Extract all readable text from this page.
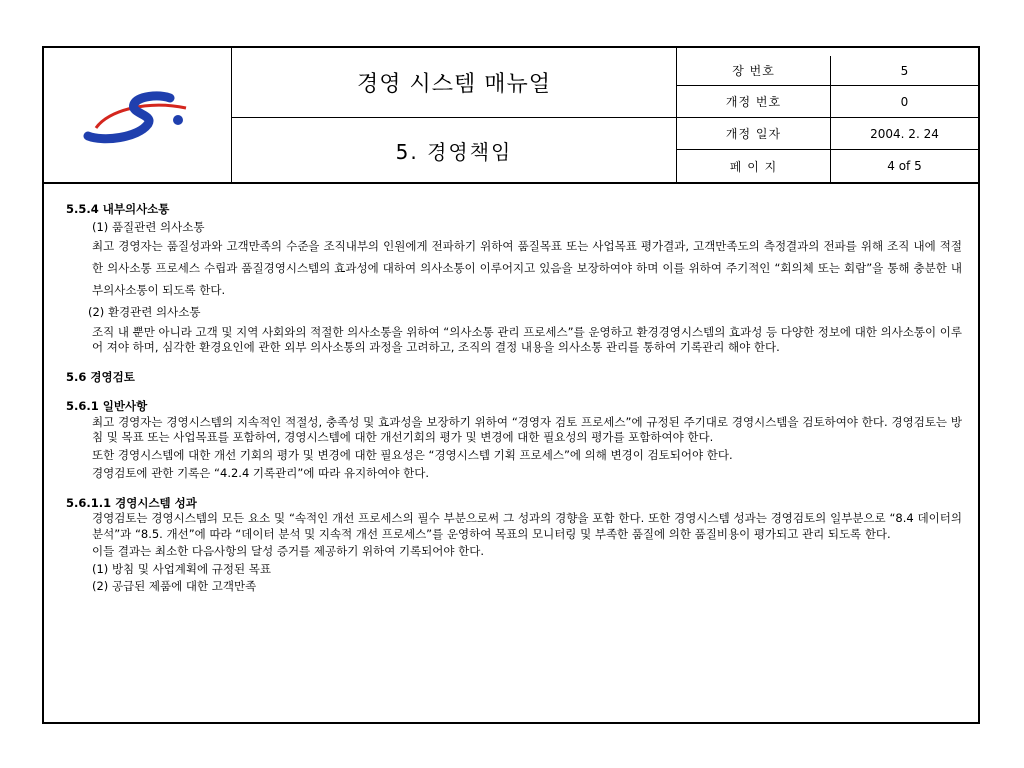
경영 시스템 매뉴얼
5. 경영책임
장 번호	5
개정 번호	0
개정 일자	2004. 2. 24
페 이 지	4 of 5

5.5.4 내부의사소통

(1) 품질관련 의사소통

최고 경영자는 품질성과와 고객만족의 수준을 조직내부의 인원에게 전파하기 위하여 품질목표 또는 사업목표 평가결과, 고객만족도의 측정결과의 전파를 위해 조직 내에 적절한 의사소통 프로세스 수립과 품질경영시스템의 효과성에 대하여 의사소통이 이루어지고 있음을 보장하여야 하며 이를 위하여 주기적인 “회의체 또는 회람”을 통해 충분한 내부의사소통이 되도록 한다.

(2) 환경관련 의사소통

조직 내 뿐만 아니라 고객 및 지역 사회와의 적절한 의사소통을 위하여 “의사소통 관리 프로세스”를 운영하고 환경경영시스템의 효과성 등 다양한 정보에 대한 의사소통이 이루어 져야 하며, 심각한 환경요인에 관한 외부 의사소통의 과정을 고려하고, 조직의 결정 내용을 의사소통 관리를 통하여 기록관리 해야 한다.

5.6 경영검토

5.6.1 일반사항

최고 경영자는 경영시스템의 지속적인 적절성, 충족성 및 효과성을 보장하기 위하여 “경영자 검토 프로세스”에 규정된 주기대로 경영시스템을 검토하여야 한다. 경영검토는 방침 및 목표 또는 사업목표를 포함하여, 경영시스템에 대한 개선기회의 평가 및 변경에 대한 필요성의 평가를 포함하여야 한다.

또한 경영시스템에 대한 개선 기회의 평가 및 변경에 대한 필요성은 “경영시스템 기획 프로세스”에 의해 변경이 검토되어야 한다.

경영검토에 관한 기록은 “4.2.4 기록관리”에 따라 유지하여야 한다.

5.6.1.1 경영시스템 성과

경영검토는 경영시스템의 모든 요소 및 “속적인 개선 프로세스의 필수 부분으로써 그 성과의 경향을 포함 한다. 또한 경영시스템 성과는 경영검토의 일부분으로 “8.4 데이터의 분석”과 “8.5. 개선”에 따라 “데이터 분석 및 지속적 개선 프로세스”를 운영하여 목표의 모니터링 및 부족한 품질에 의한 품질비용이 평가되고 관리 되도록 한다.

이들 결과는 최소한 다음사항의 달성 증거를 제공하기 위하여 기록되어야 한다.

(1) 방침 및 사업계획에 규정된 목표

(2) 공급된 제품에 대한 고객만족
